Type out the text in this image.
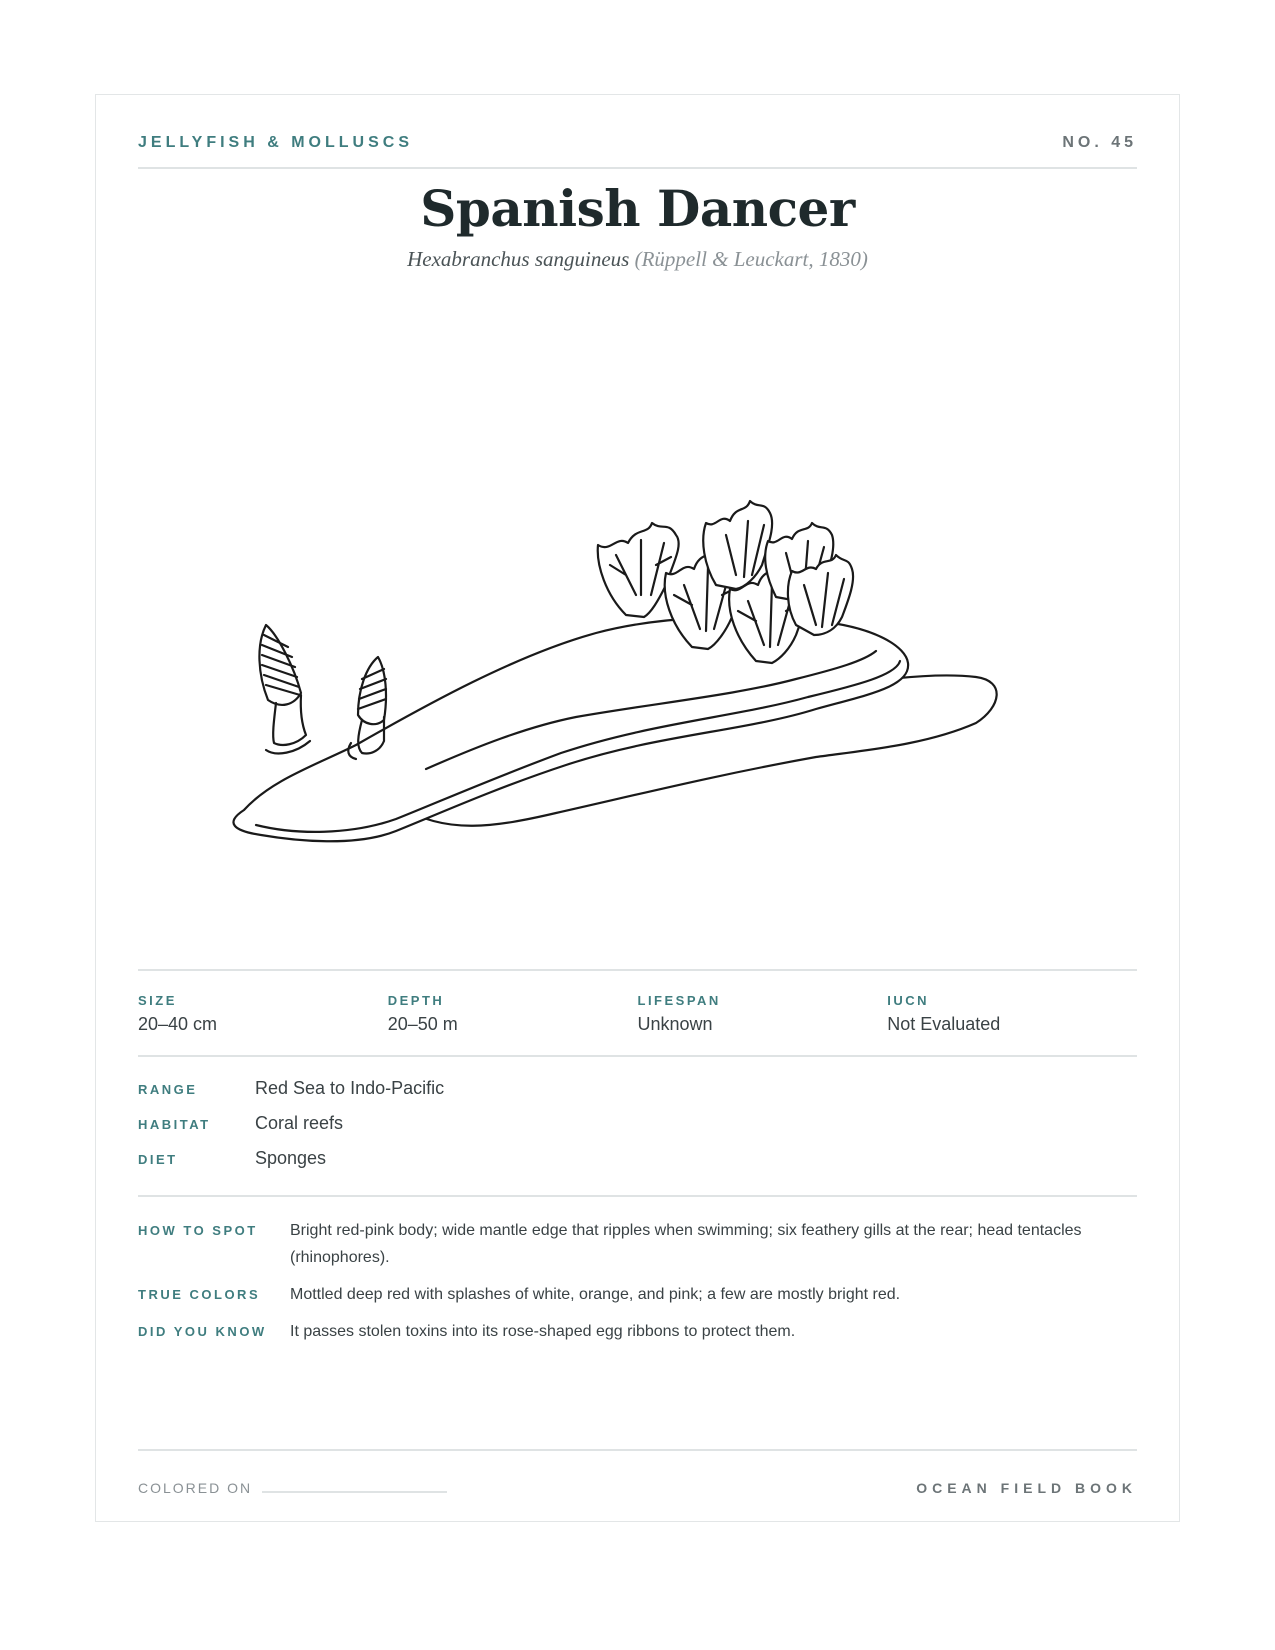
JELLYFISH & MOLLUSCS	NO. 45
Spanish Dancer
Hexabranchus sanguineus (Rüppell & Leuckart, 1830)
SIZE
20–40 cm
DEPTH
20–50 m
LIFESPAN
Unknown
IUCN
Not Evaluated
RANGE	Red Sea to Indo-Pacific
HABITAT	Coral reefs
DIET	Sponges
HOW TO SPOT	Bright red-pink body; wide mantle edge that ripples when swimming; six feathery gills at the rear; head tentacles (rhinophores).
TRUE COLORS	Mottled deep red with splashes of white, orange, and pink; a few are mostly bright red.
DID YOU KNOW	It passes stolen toxins into its rose-shaped egg ribbons to protect them.
COLORED ON	OCEAN FIELD BOOK
